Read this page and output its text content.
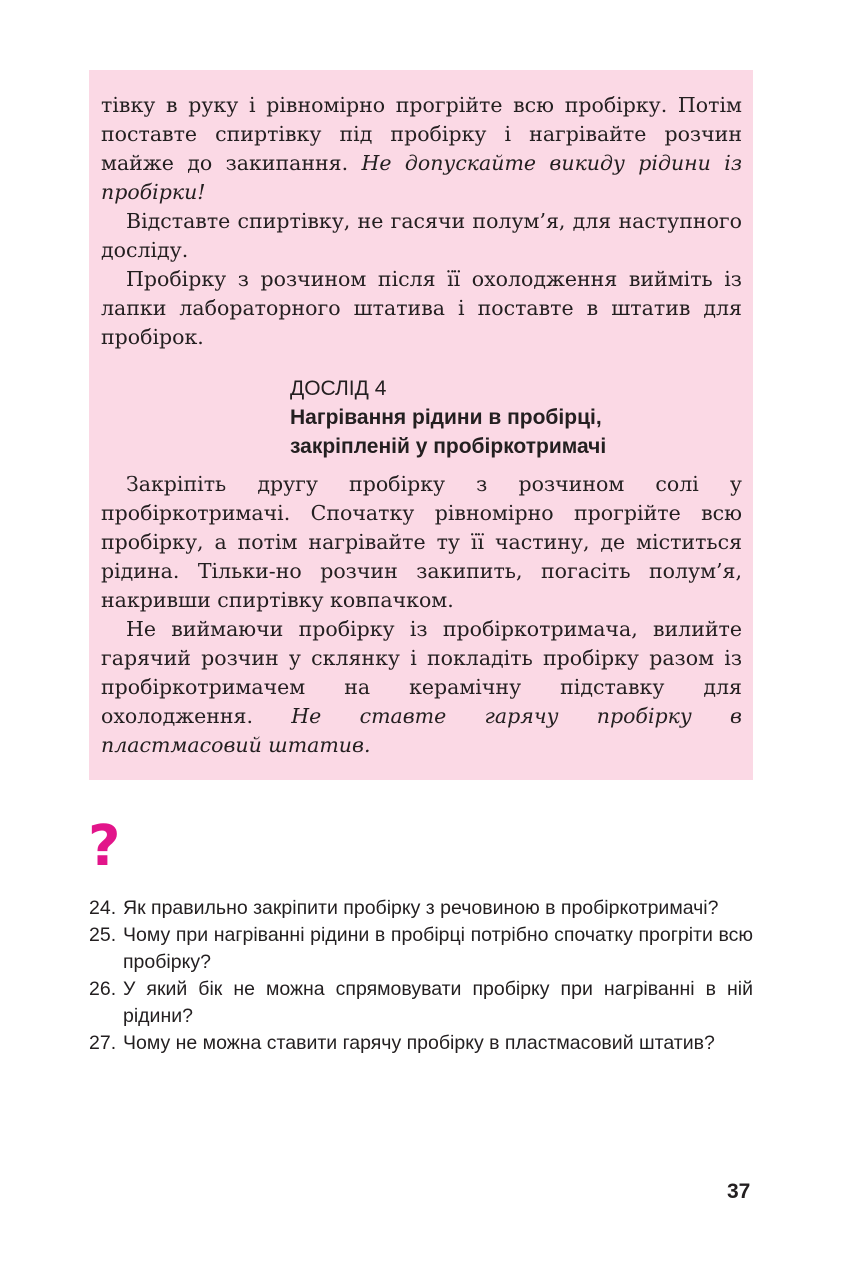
тівку в руку і рівномірно прогрійте всю пробірку. Потім поставте спиртівку під пробірку і нагрівайте розчин майже до закипання. Не допускайте викиду рідини із пробірки!

Відставте спиртівку, не гасячи полум’я, для наступного досліду.

Пробірку з розчином після її охолодження вийміть із лапки лабораторного штатива і поставте в штатив для пробірок.

ДОСЛІД 4
Нагрівання рідини в пробірці,
закріпленій у пробіркотримачі

Закріпіть другу пробірку з розчином солі у пробіркотримачі. Спочатку рівномірно прогрійте всю пробірку, а потім нагрівайте ту її частину, де міститься рідина. Тільки-но розчин закипить, погасіть полум’я, накривши спиртівку ковпачком.

Не виймаючи пробірку із пробіркотримача, вилийте гарячий розчин у склянку і покладіть пробірку разом із пробіркотримачем на керамічну підставку для охолодження. Не ставте гарячу пробірку в пластмасовий штатив.

?
24. Як правильно закріпити пробірку з речовиною в пробіркотримачі?
25. Чому при нагріванні рідини в пробірці потрібно спочатку прогріти всю пробірку?
26. У який бік не можна спрямовувати пробірку при нагріванні в ній рідини?
27. Чому не можна ставити гарячу пробірку в пластмасовий штатив?
37
